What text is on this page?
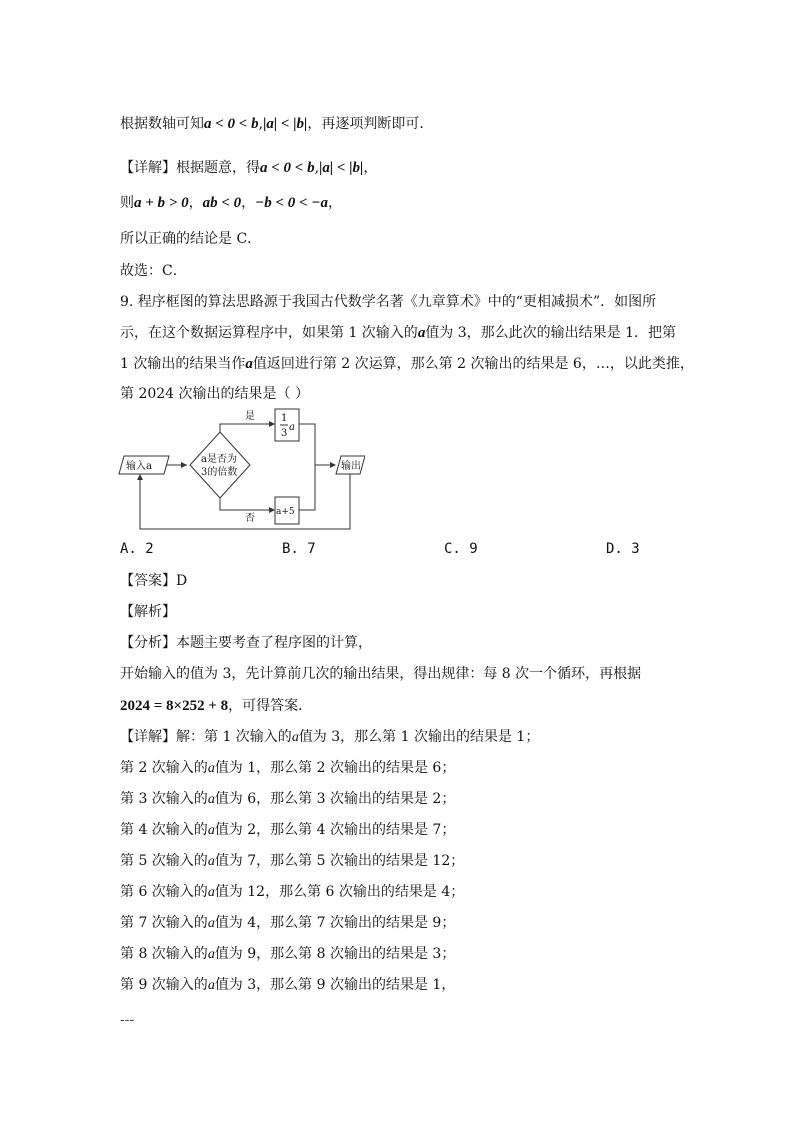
根据数轴可知a < 0 < b,|a| < |b|，再逐项判断即可．
【详解】根据题意，得a < 0 < b,|a| < |b|，
则a + b > 0，ab < 0，−b < 0 < −a，
所以正确的结论是 C．
故选：C．
9. 程序框图的算法思路源于我国古代数学名著《九章算术》中的“更相减损术”．如图所
示，在这个数据运算程序中，如果第 1 次输入的a值为 3，那么此次的输出结果是 1．把第
1 次输出的结果当作a值返回进行第 2 次运算，那么第 2 次输出的结果是 6，…，以此类推，
第 2024 次输出的结果是（ ）
输入a
a是否为
3的倍数
是
否
1
3
a
a+5
输出
A. 2	B. 7	C. 9	D. 3
【答案】D
【解析】
【分析】本题主要考查了程序图的计算，
开始输入的值为 3，先计算前几次的输出结果，得出规律：每 8 次一个循环，再根据
2024 = 8×252 + 8，可得答案．
【详解】解：第 1 次输入的a值为 3，那么第 1 次输出的结果是 1；
第 2 次输入的a值为 1，那么第 2 次输出的结果是 6；
第 3 次输入的a值为 6，那么第 3 次输出的结果是 2；
第 4 次输入的a值为 2，那么第 4 次输出的结果是 7；
第 5 次输入的a值为 7，那么第 5 次输出的结果是 12；
第 6 次输入的a值为 12，那么第 6 次输出的结果是 4；
第 7 次输入的a值为 4，那么第 7 次输出的结果是 9；
第 8 次输入的a值为 9，那么第 8 次输出的结果是 3；
第 9 次输入的a值为 3，那么第 9 次输出的结果是 1，
---
